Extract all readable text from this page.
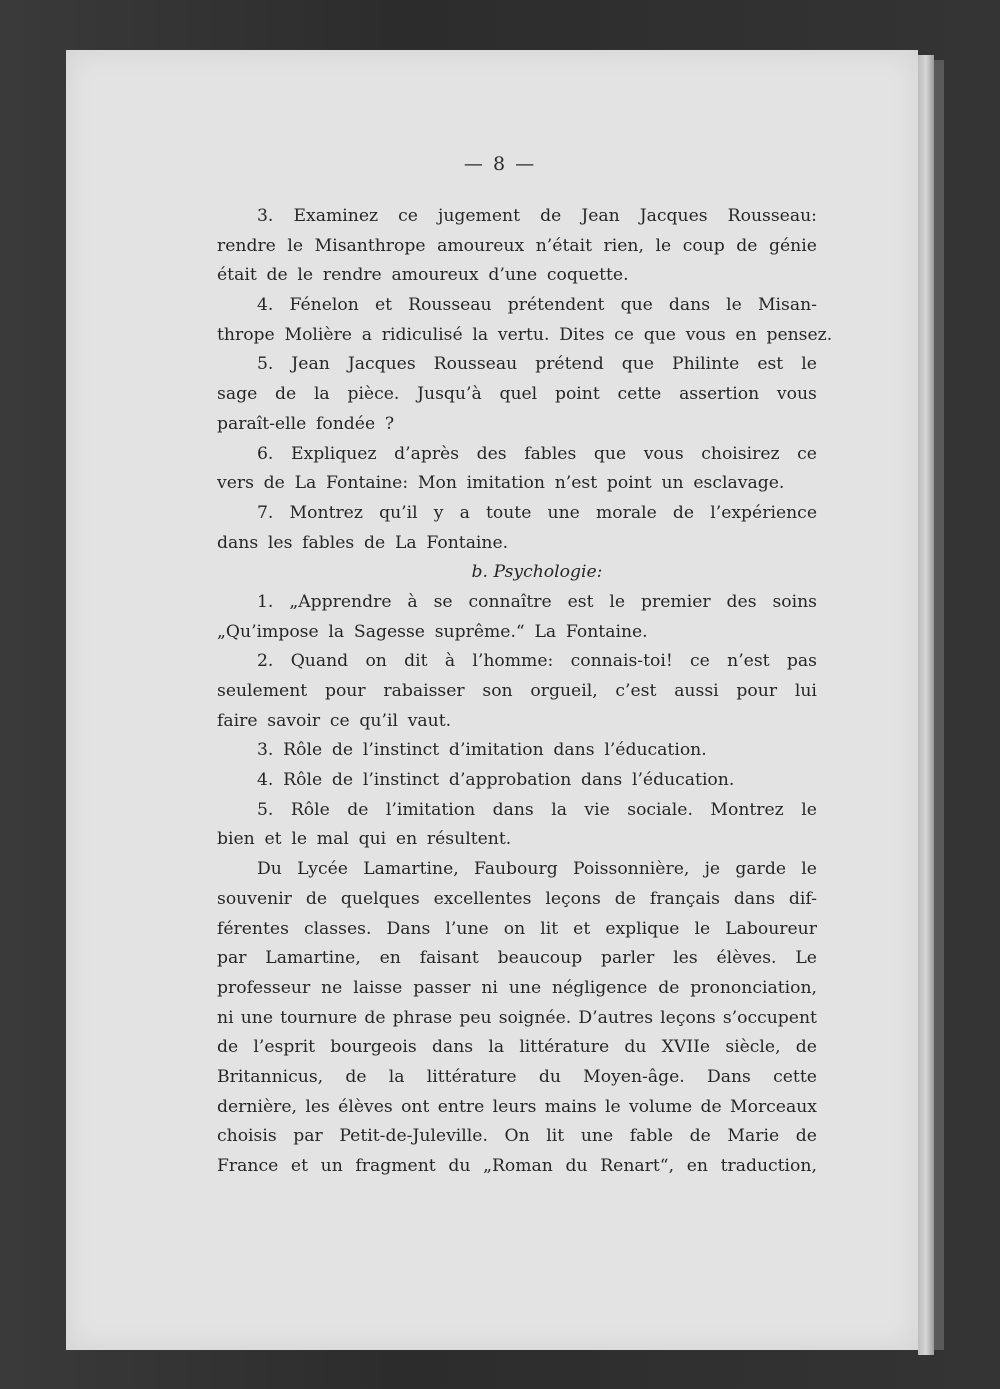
— 8 —
3. Examinez ce jugement de Jean Jacques Rousseau:
rendre le Misanthrope amoureux n’était rien, le coup de génie
était de le rendre amoureux d’une coquette.
4. Fénelon et Rousseau prétendent que dans le Misan-
thrope Molière a ridiculisé la vertu. Dites ce que vous en pensez.
5. Jean Jacques Rousseau prétend que Philinte est le
sage de la pièce. Jusqu’à quel point cette assertion vous
paraît-elle fondée ?
6. Expliquez d’après des fables que vous choisirez ce
vers de La Fontaine: Mon imitation n’est point un esclavage.
7. Montrez qu’il y a toute une morale de l’expérience
dans les fables de La Fontaine.
b. Psychologie:
1. „Apprendre à se connaître est le premier des soins
„Qu’impose la Sagesse suprême.“ La Fontaine.
2. Quand on dit à l’homme: connais-toi! ce n’est pas
seulement pour rabaisser son orgueil, c’est aussi pour lui
faire savoir ce qu’il vaut.
3. Rôle de l’instinct d’imitation dans l’éducation.
4. Rôle de l’instinct d’approbation dans l’éducation.
5. Rôle de l’imitation dans la vie sociale. Montrez le
bien et le mal qui en résultent.
Du Lycée Lamartine, Faubourg Poissonnière, je garde le
souvenir de quelques excellentes leçons de français dans dif-
férentes classes. Dans l’une on lit et explique le Laboureur
par Lamartine, en faisant beaucoup parler les élèves. Le
professeur ne laisse passer ni une négligence de prononciation,
ni une tournure de phrase peu soignée. D’autres leçons s’occupent
de l’esprit bourgeois dans la littérature du XVIIe siècle, de
Britannicus, de la littérature du Moyen-âge. Dans cette
dernière, les élèves ont entre leurs mains le volume de Morceaux
choisis par Petit-de-Juleville. On lit une fable de Marie de
France et un fragment du „Roman du Renart“, en traduction,
